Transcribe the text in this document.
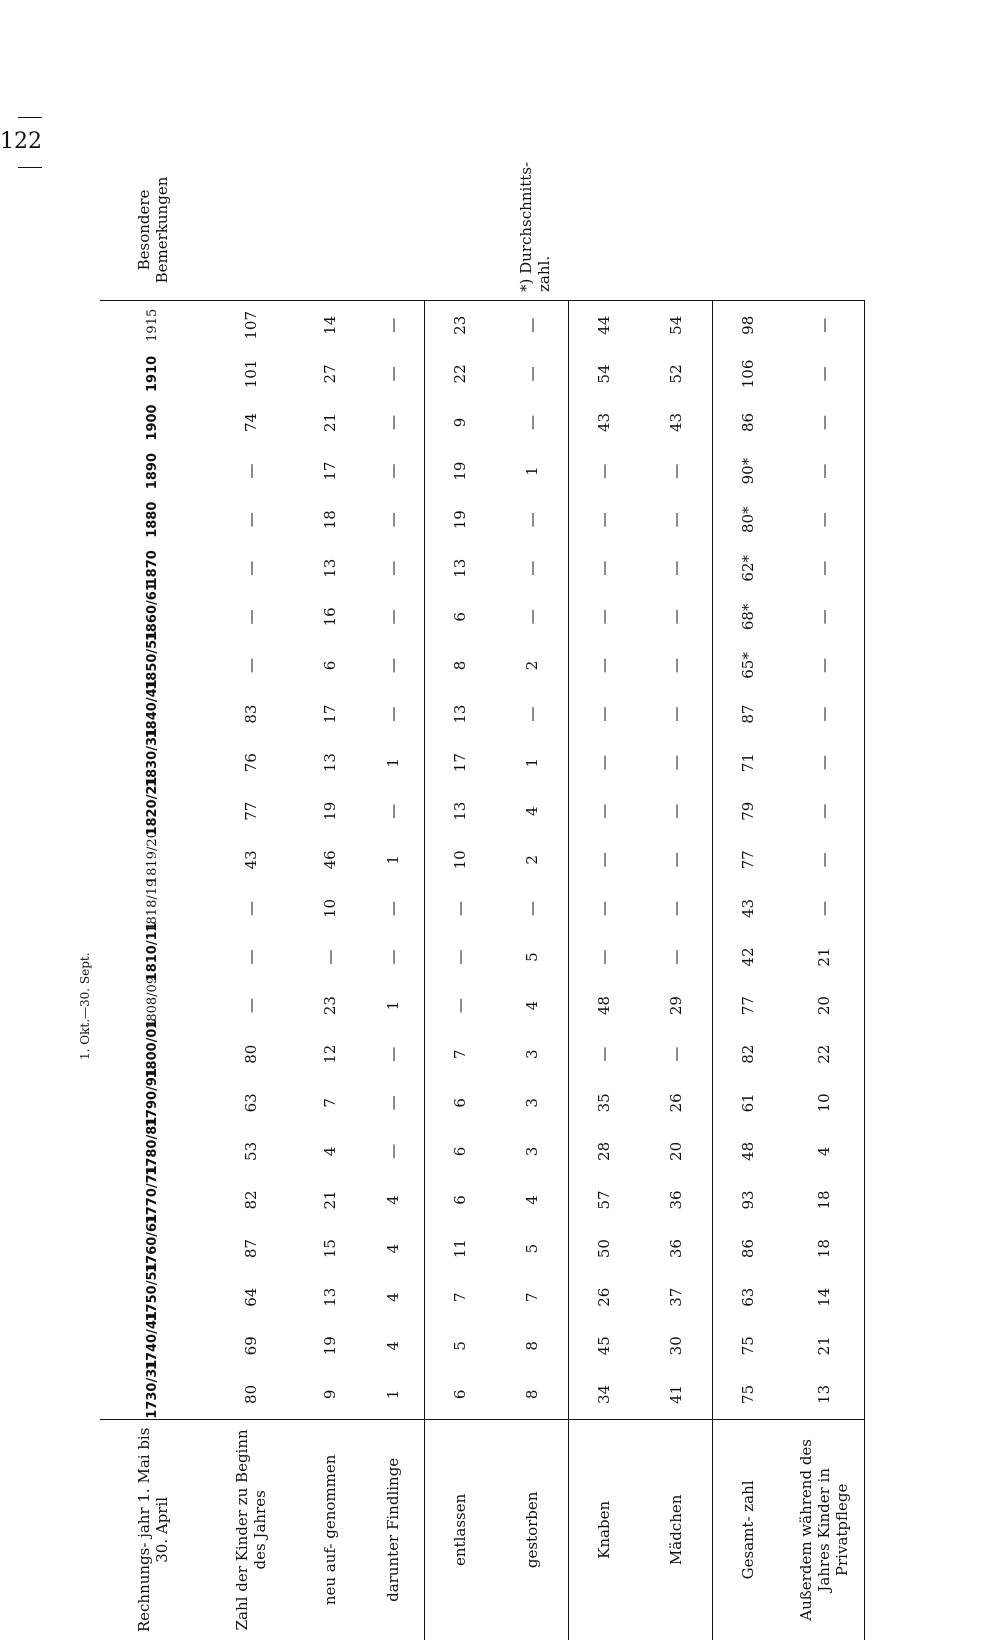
122
Rechnungs- jahr 1. Mai bis 30. April	1730/31	1740/41	1750/51	1760/61	1770/71	1780/81	1790/91	1800/01	1808/09	1810/11	1818/19	1819/20	1820/21	1830/31	1840/41	1850/51	1860/61	1870	1880	1890	1900	1910	1915	Besondere Bemerkungen
Zahl der Kinder zu Beginn des Jahres	80	69	64	87	82	53	63	80	—	—	—	43	77	76	83	—	—	—	—	—	74	101	107	*) Durchschnitts-zahl.
neu auf- genommen	9	19	13	15	21	4	7	12	23	—	10	46	19	13	17	6	16	13	18	17	21	27	14	
darunter Findlinge	1	4	4	4	4	—	—	—	1	—	—	1	—	1	—	—	—	—	—	—	—	—	—	
entlassen	6	5	7	11	6	6	6	7	—	—	—	10	13	17	13	8	6	13	19	19	9	22	23	
gestorben	8	8	7	5	4	3	3	3	4	5	—	2	4	1	—	2	—	—	—	1	—	—	—	
Knaben	34	45	26	50	57	28	35	—	48	—	—	—	—	—	—	—	—	—	—	—	43	54	44	
Mädchen	41	30	37	36	36	20	26	—	29	—	—	—	—	—	—	—	—	—	—	—	43	52	54	
Gesamt- zahl	75	75	63	86	93	48	61	82	77	42	43	77	79	71	87	65*	68*	62*	80*	90*	86	106	98	
Außerdem während des Jahres Kinder in Privatpflege	13	21	14	18	18	4	10	22	20	21	—	—	—	—	—	—	—	—	—	—	—	—	—	
1. Okt.—30. Sept.
